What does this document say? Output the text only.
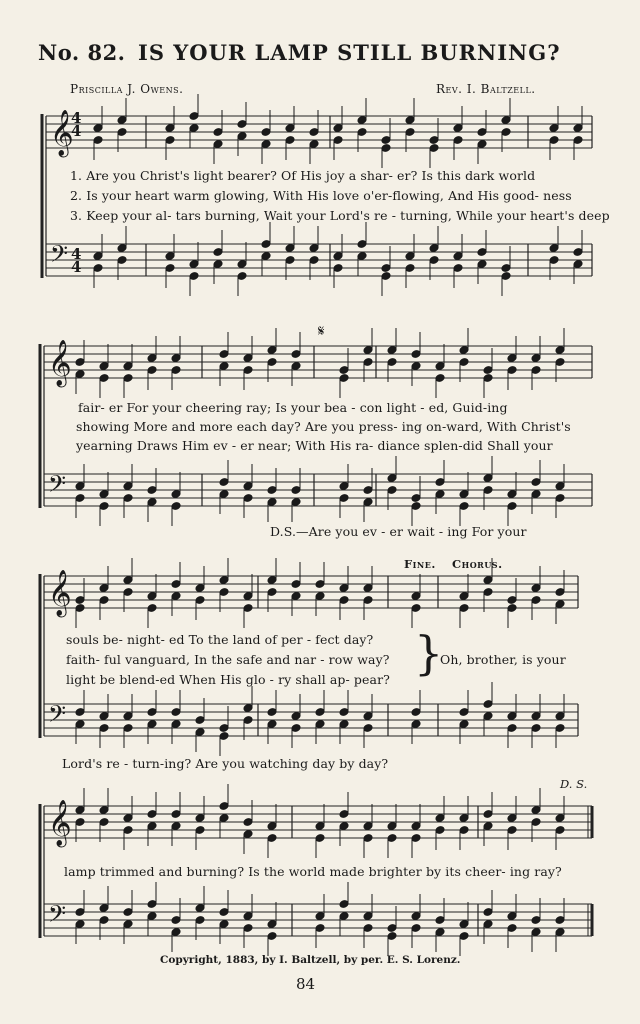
No. 82. IS YOUR LAMP STILL BURNING?
Priscilla J. Owens.	Rev. I. Baltzell.
𝄞
𝄢
𝄞
𝄢
𝄞
𝄢
𝄞
𝄢
4
4
4
4
1. Are you Christ's light bearer? Of His joy a shar- er? Is this dark world
2. Is your heart warm glowing, With His love o'er-flowing, And His good- ness
3. Keep your al- tars burning, Wait your Lord's re - turning, While your heart's deep
𝄋
fair- er For your cheering ray; Is your bea - con light - ed, Guid-ing
showing More and more each day? Are you press- ing on-ward, With Christ's
yearning Draws Him ev - er near; With His ra- diance splen-did Shall your
D.S.—Are you ev - er wait - ing For your
Fine. Chorus.
souls be- night- ed To the land of per - fect day?
faith- ful vanguard, In the safe and nar - row way?
light be blend-ed When His glo - ry shall ap- pear? }
Oh, brother, is your
Lord's re - turn-ing? Are you watching day by day?
D. S.
lamp trimmed and burning? Is the world made brighter by its cheer- ing ray?
Copyright, 1883, by I. Baltzell, by per. E. S. Lorenz.
84
